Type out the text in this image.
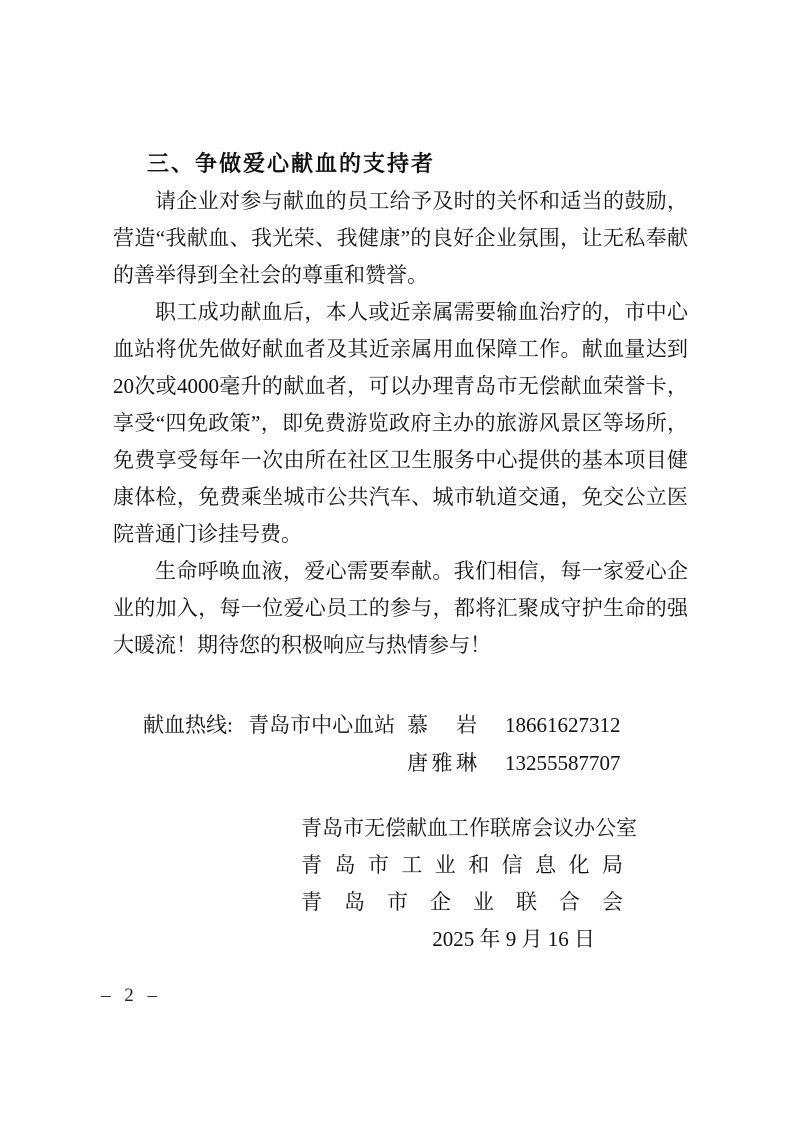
三、争做爱心献血的支持者

请企业对参与献血的员工给予及时的关怀和适当的鼓励，营造“我献血、我光荣、我健康”的良好企业氛围，让无私奉献的善举得到全社会的尊重和赞誉。

职工成功献血后，本人或近亲属需要输血治疗的，市中心血站将优先做好献血者及其近亲属用血保障工作。献血量达到20次或4000毫升的献血者，可以办理青岛市无偿献血荣誉卡，享受“四免政策”，即免费游览政府主办的旅游风景区等场所，免费享受每年一次由所在社区卫生服务中心提供的基本项目健康体检，免费乘坐城市公共汽车、城市轨道交通，免交公立医院普通门诊挂号费。

生命呼唤血液，爱心需要奉献。我们相信，每一家爱心企业的加入，每一位爱心员工的参与，都将汇聚成守护生命的强大暖流！期待您的积极响应与热情参与！

献血热线: 青岛市中心血站 慕 岩 18661627312
唐雅琳 13255587707
青岛市无偿献血工作联席会议办公室
青 岛 市 工 业 和 信 息 化 局
青 岛 市 企 业 联 合 会
2025 年 9 月 16 日
– 2 –
